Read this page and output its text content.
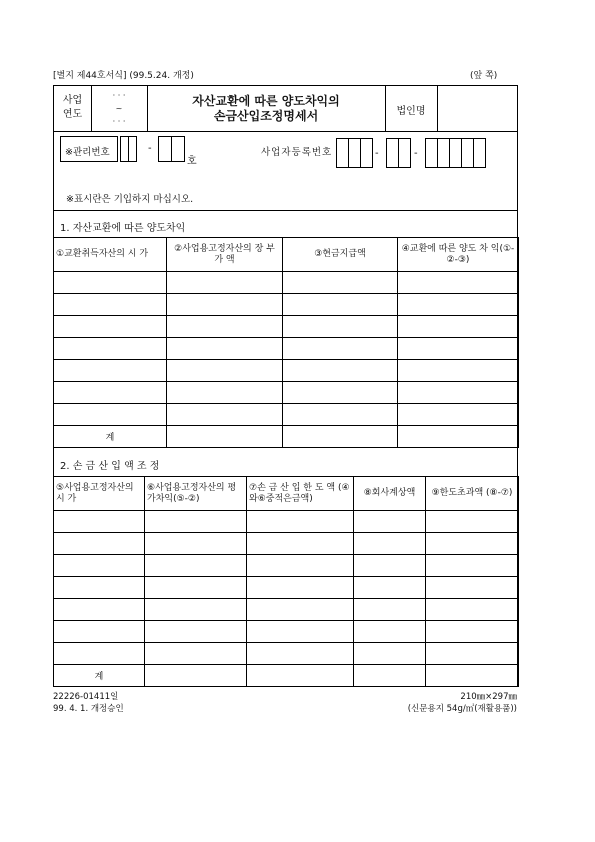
[별지 제44호서식] (99.5.24. 개정)	(앞 쪽)
사업
연도
· · ·
~
· · ·
자산교환에 따른 양도차익의
손금산입조정명세서	법인명
※관리번호	-
호
사업자등록번호	-	-
※표시란은 기입하지 마십시오.
1. 자산교환에 따른 양도차익
①교환취득자산의 시 가	②사업용고정자산의 장 부 가 액	③현금지급액	④교환에 따른 양도 차 익(①-②-③)

계			
2. 손 금 산 입 액 조 정
⑤사업용고정자산의 시 가	⑥사업용고정자산의 평가차익(⑤-②)	⑦손 금 산 입 한 도 액 (④와⑥중적은금액)	⑧회사계상액	⑨한도초과액 (⑧-⑦)

계				
22226-01411일
99. 4. 1. 개정승인
210㎜×297㎜
(신문용지 54g/㎡(재활용품))
